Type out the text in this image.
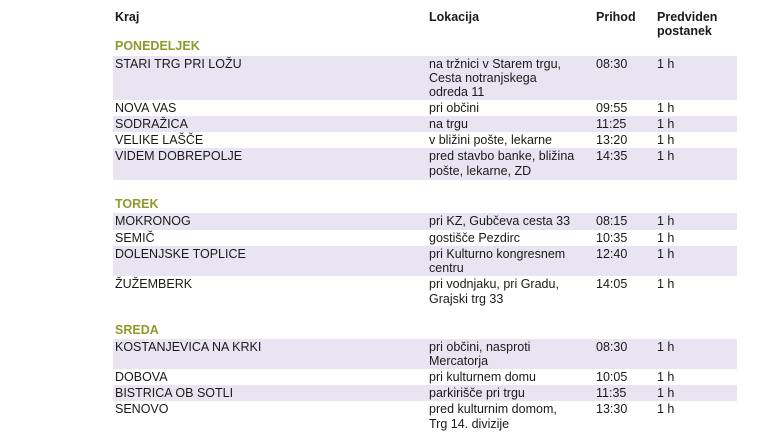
Kraj	Lokacija	Prihod Predviden
postanek
PONEDELJEK
STARI TRG PRI LOŽU	na tržnici v Starem trgu,
Cesta notranjskega
odreda 11
08:30 1 h
NOVA VAS	pri občini	09:55 1 h
SODRAŽICA	na trgu	11:25 1 h
VELIKE LAŠČE	v bližini pošte, lekarne	13:20 1 h
VIDEM DOBREPOLJE	pred stavbo banke, bližina
pošte, lekarne, ZD
14:35 1 h
TOREK
MOKRONOG	pri KZ, Gubčeva cesta 33	08:15 1 h
SEMIČ	gostišče Pezdirc	10:35 1 h
DOLENJSKE TOPLICE	pri Kulturno kongresnem
centru
12:40 1 h
ŽUŽEMBERK	pri vodnjaku, pri Gradu,
Grajski trg 33
14:05 1 h
SREDA
KOSTANJEVICA NA KRKI	pri občini, nasproti
Mercatorja
08:30 1 h
DOBOVA	pri kulturnem domu	10:05 1 h
BISTRICA OB SOTLI	parkirišče pri trgu	11:35 1 h
SENOVO	pred kulturnim domom,
Trg 14. divizije
13:30 1 h
